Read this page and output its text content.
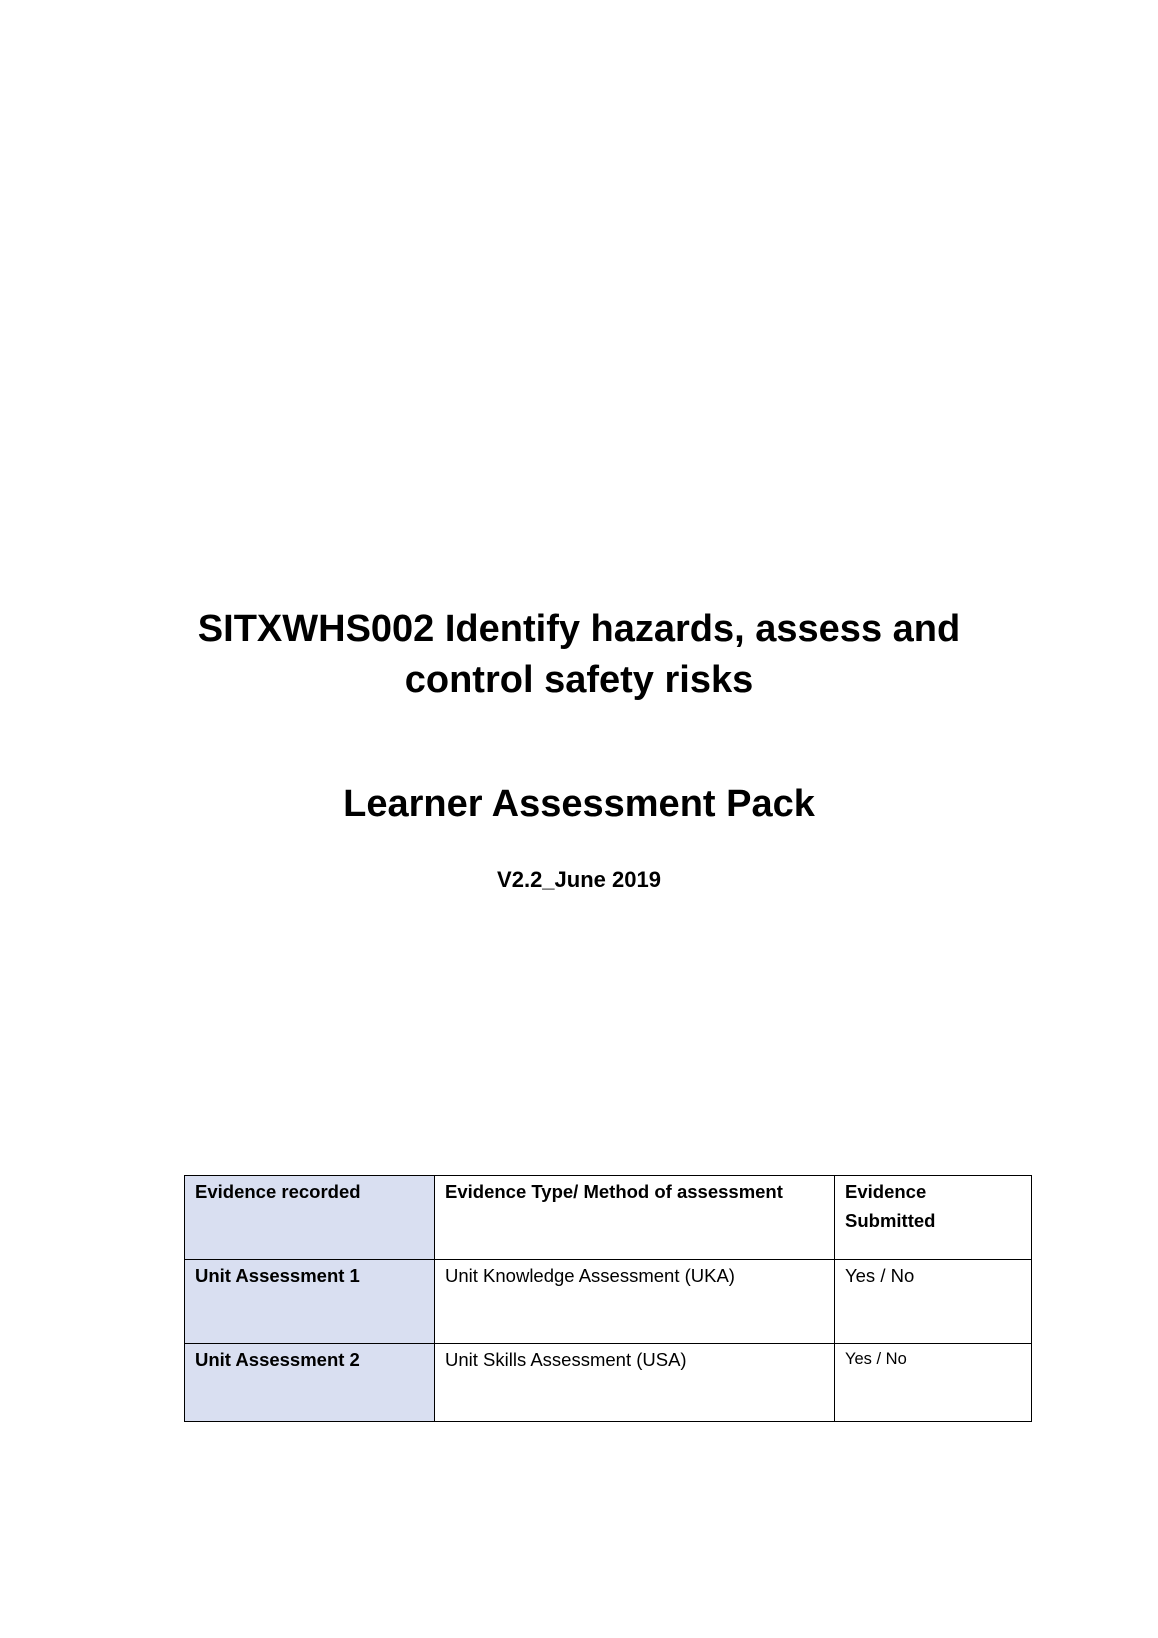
SITXWHS002 Identify hazards, assess and control safety risks
Learner Assessment Pack

V2.2_June 2019

Evidence recorded	Evidence Type/ Method of assessment	Evidence Submitted
Unit Assessment 1	Unit Knowledge Assessment (UKA)	Yes / No
Unit Assessment 2	Unit Skills Assessment (USA)	Yes / No
